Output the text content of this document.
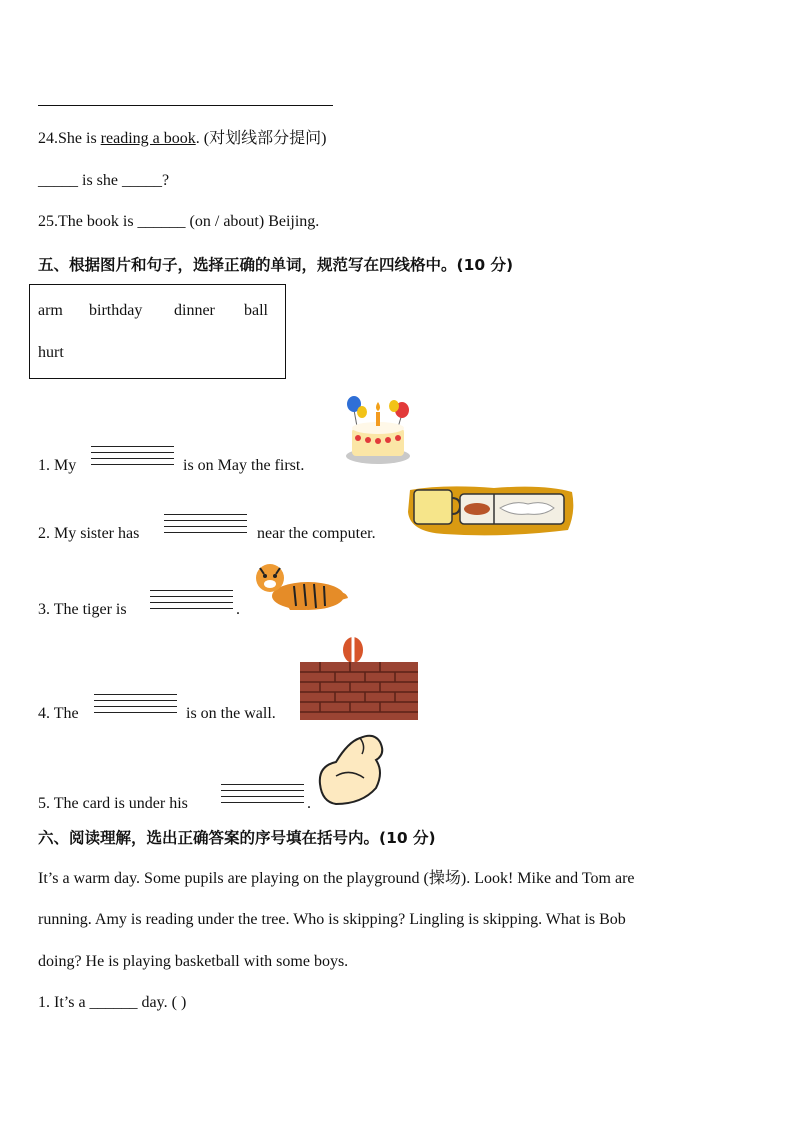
24.She is reading a book. (对划线部分提问)
_____ is she _____?
25.The book is ______ (on / about) Beijing.
五、根据图片和句子，选择正确的单词，规范写在四线格中。(10 分)
arm birthday dinner ball
hurt
1. My	is on May the first.
2. My sister has	near the computer.
3. The tiger is	.
4. The	is on the wall.
5. The card is under his	.
六、阅读理解，选出正确答案的序号填在括号内。(10 分)
It’s a warm day. Some pupils are playing on the playground (操场). Look! Mike and Tom are
running. Amy is reading under the tree. Who is skipping? Lingling is skipping. What is Bob
doing? He is playing basketball with some boys.
1. It’s a ______ day. ( )
